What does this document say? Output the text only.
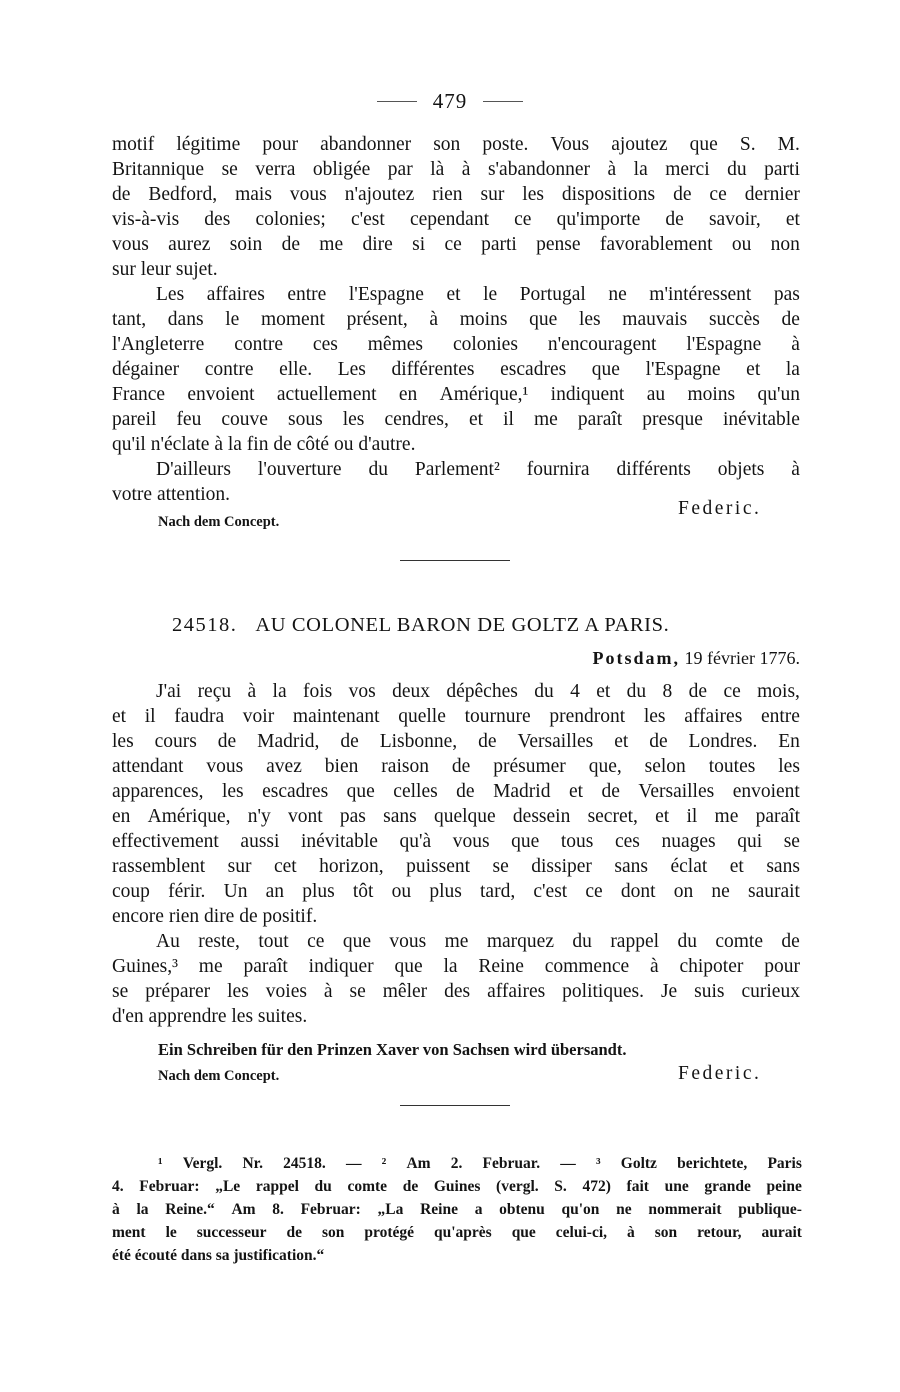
479
motif légitime pour abandonner son poste. Vous ajoutez que S. M.
Britannique se verra obligée par là à s'abandonner à la merci du parti
de Bedford, mais vous n'ajoutez rien sur les dispositions de ce dernier
vis-à-vis des colonies; c'est cependant ce qu'importe de savoir, et
vous aurez soin de me dire si ce parti pense favorablement ou non
sur leur sujet.
Les affaires entre l'Espagne et le Portugal ne m'intéressent pas
tant, dans le moment présent, à moins que les mauvais succès de
l'Angleterre contre ces mêmes colonies n'encouragent l'Espagne à
dégainer contre elle. Les différentes escadres que l'Espagne et la
France envoient actuellement en Amérique,¹ indiquent au moins qu'un
pareil feu couve sous les cendres, et il me paraît presque inévitable
qu'il n'éclate à la fin de côté ou d'autre.
D'ailleurs l'ouverture du Parlement² fournira différents objets à
votre attention.
Federic.
Nach dem Concept.
24518. AU COLONEL BARON DE GOLTZ A PARIS.
Potsdam, 19 février 1776.
J'ai reçu à la fois vos deux dépêches du 4 et du 8 de ce mois,
et il faudra voir maintenant quelle tournure prendront les affaires entre
les cours de Madrid, de Lisbonne, de Versailles et de Londres. En
attendant vous avez bien raison de présumer que, selon toutes les
apparences, les escadres que celles de Madrid et de Versailles envoient
en Amérique, n'y vont pas sans quelque dessein secret, et il me paraît
effectivement aussi inévitable qu'à vous que tous ces nuages qui se
rassemblent sur cet horizon, puissent se dissiper sans éclat et sans
coup férir. Un an plus tôt ou plus tard, c'est ce dont on ne saurait
encore rien dire de positif.
Au reste, tout ce que vous me marquez du rappel du comte de
Guines,³ me paraît indiquer que la Reine commence à chipoter pour
se préparer les voies à se mêler des affaires politiques. Je suis curieux
d'en apprendre les suites.
Ein Schreiben für den Prinzen Xaver von Sachsen wird übersandt.
Nach dem Concept.	Federic.
¹ Vergl. Nr. 24518. — ² Am 2. Februar. — ³ Goltz berichtete, Paris
4. Februar: „Le rappel du comte de Guines (vergl. S. 472) fait une grande peine
à la Reine.“ Am 8. Februar: „La Reine a obtenu qu'on ne nommerait publique-
ment le successeur de son protégé qu'après que celui-ci, à son retour, aurait
été écouté dans sa justification.“
